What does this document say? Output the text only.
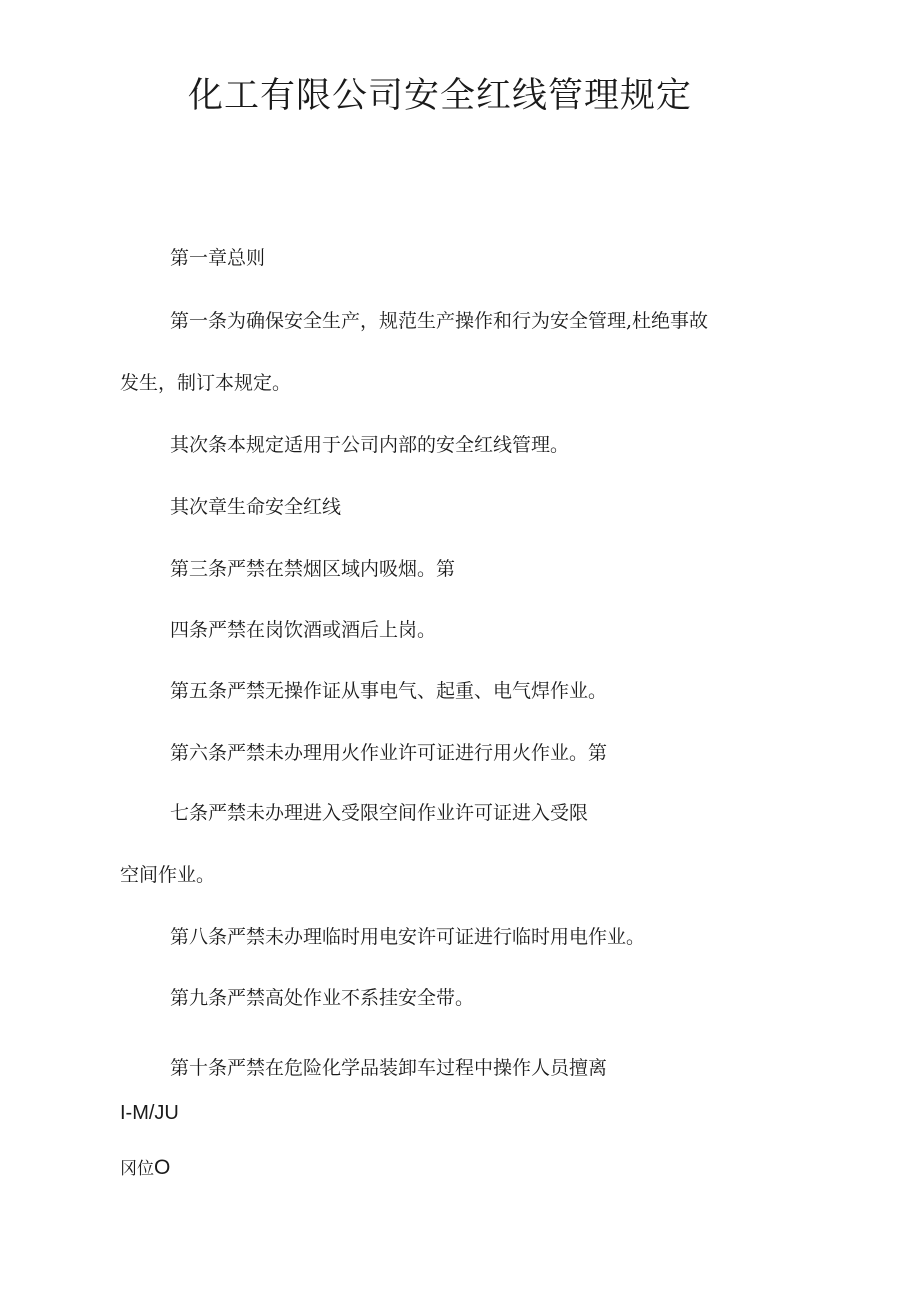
化工有限公司安全红线管理规定
第一章总则
第一条为确保安全生产，规范生产操作和行为安全管理,杜绝事故
发生，制订本规定。
其次条本规定适用于公司内部的安全红线管理。
其次章生命安全红线
第三条严禁在禁烟区域内吸烟。第
四条严禁在岗饮酒或酒后上岗。
第五条严禁无操作证从事电气、起重、电气焊作业。
第六条严禁未办理用火作业许可证进行用火作业。第
七条严禁未办理进入受限空间作业许可证进入受限
空间作业。
第八条严禁未办理临时用电安许可证进行临时用电作业。
第九条严禁高处作业不系挂安全带。
第十条严禁在危险化学品装卸车过程中操作人员擅离
I-M/JU
冈位O
